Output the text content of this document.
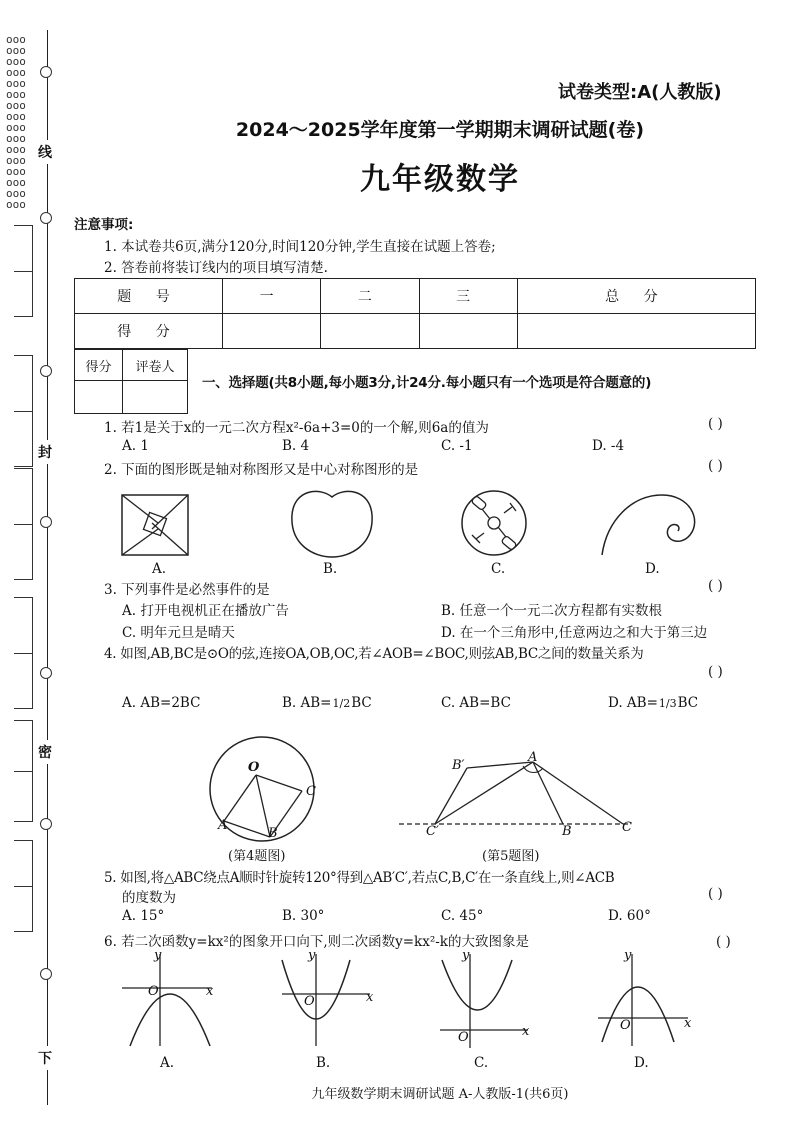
ooo
ooo
ooo
ooo
ooo
ooo
ooo
ooo
ooo
ooo
ooo
ooo
ooo
ooo
ooo
ooo
线
封
密
下
试卷类型:A(人教版)
2024～2025学年度第一学期期末调研试题(卷)
九年级数学
注意事项:
1. 本试卷共6页,满分120分,时间120分钟,学生直接在试题上答卷;
2. 答卷前将装订线内的项目填写清楚.
题 号	一	二	三	总 分
得 分				
得分	评卷人

一、选择题(共8小题,每小题3分,计24分.每小题只有一个选项是符合题意的)
1. 若1是关于x的一元二次方程x²-6a+3=0的一个解,则6a的值为	( )
A. 1	B. 4	C. -1	D. -4
2. 下面的图形既是轴对称图形又是中心对称图形的是	( )
A.	B.	C.	D.
3. 下列事件是必然事件的是	( )
A. 打开电视机正在播放广告	B. 任意一个一元二次方程都有实数根
C. 明年元旦是晴天	D. 在一个三角形中,任意两边之和大于第三边
4. 如图,AB,BC是⊙O的弦,连接OA,OB,OC,若∠AOB=∠BOC,则弦AB,BC之间的数量关系为
( )
A. AB=2BC	B. AB=1/2BC	C. AB=BC	D. AB=1/3BC
O
A
B
C
(第4题图)
B′
A
C′	B	C
(第5题图)
5. 如图,将△ABC绕点A顺时针旋转120°得到△AB′C′,若点C,B,C′在一条直线上,则∠ACB
的度数为	( )
A. 15°	B. 30°	C. 45°	D. 60°
6. 若二次函数y=kx²的图象开口向下,则二次函数y=kx²-k的大致图象是	( )
y
x
O
y
x
O
y
x
O
y
x
O
A.	B.	C.	D.
九年级数学期末调研试题 A-人教版-1(共6页)
